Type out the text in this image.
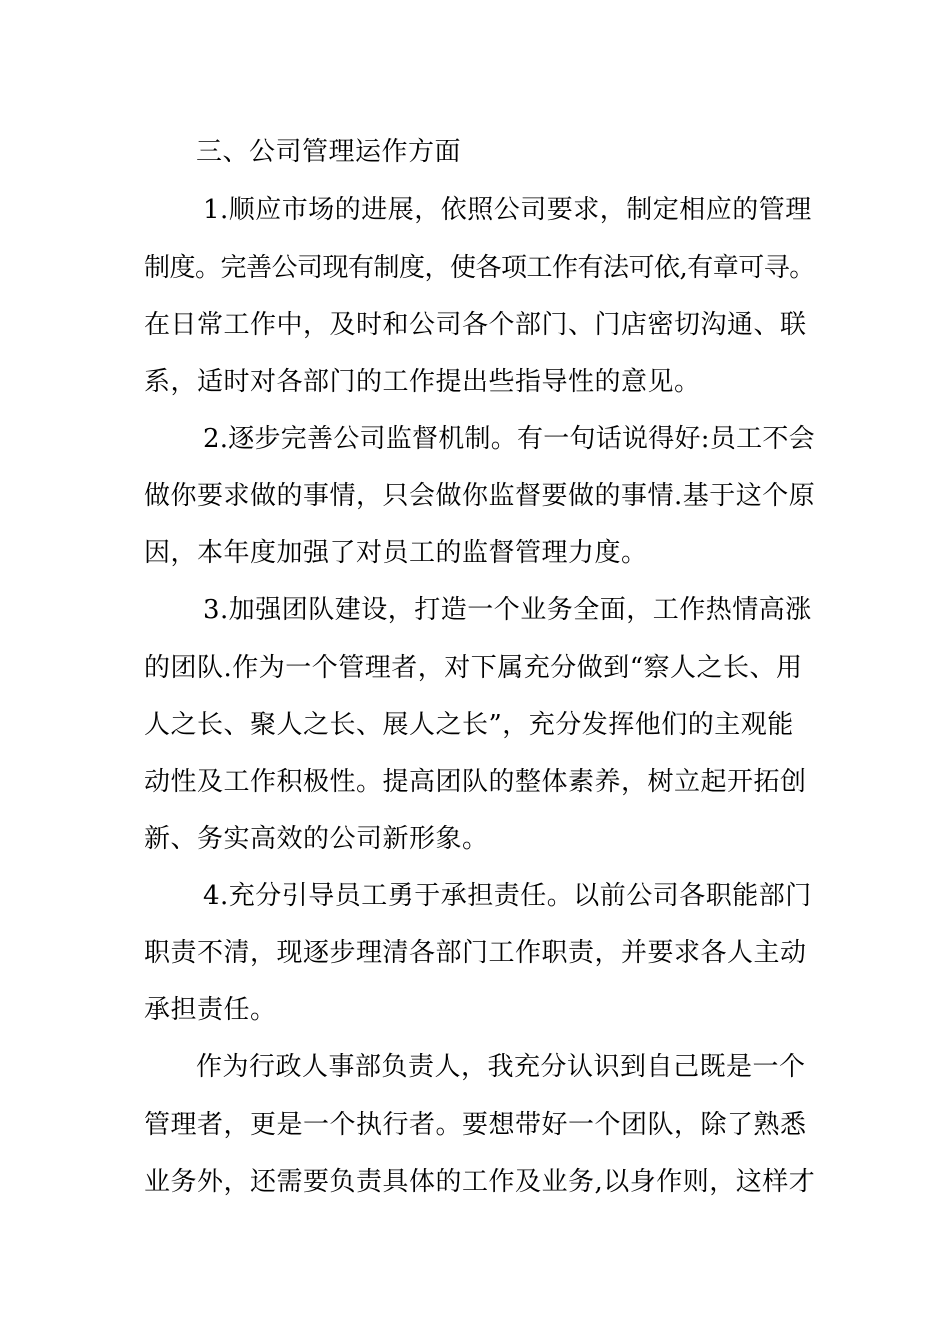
三、公司管理运作方面
1.顺应市场的进展，依照公司要求，制定相应的管理
制度。完善公司现有制度，使各项工作有法可依,有章可寻。
在日常工作中，及时和公司各个部门、门店密切沟通、联
系，适时对各部门的工作提出些指导性的意见。
2.逐步完善公司监督机制。有一句话说得好:员工不会
做你要求做的事情，只会做你监督要做的事情.基于这个原
因，本年度加强了对员工的监督管理力度。
3.加强团队建设，打造一个业务全面，工作热情高涨
的团队.作为一个管理者，对下属充分做到“察人之长、用
人之长、聚人之长、展人之长”，充分发挥他们的主观能
动性及工作积极性。提高团队的整体素养，树立起开拓创
新、务实高效的公司新形象。
4.充分引导员工勇于承担责任。以前公司各职能部门
职责不清，现逐步理清各部门工作职责，并要求各人主动
承担责任。
作为行政人事部负责人，我充分认识到自己既是一个
管理者，更是一个执行者。要想带好一个团队，除了熟悉
业务外，还需要负责具体的工作及业务,以身作则，这样才
